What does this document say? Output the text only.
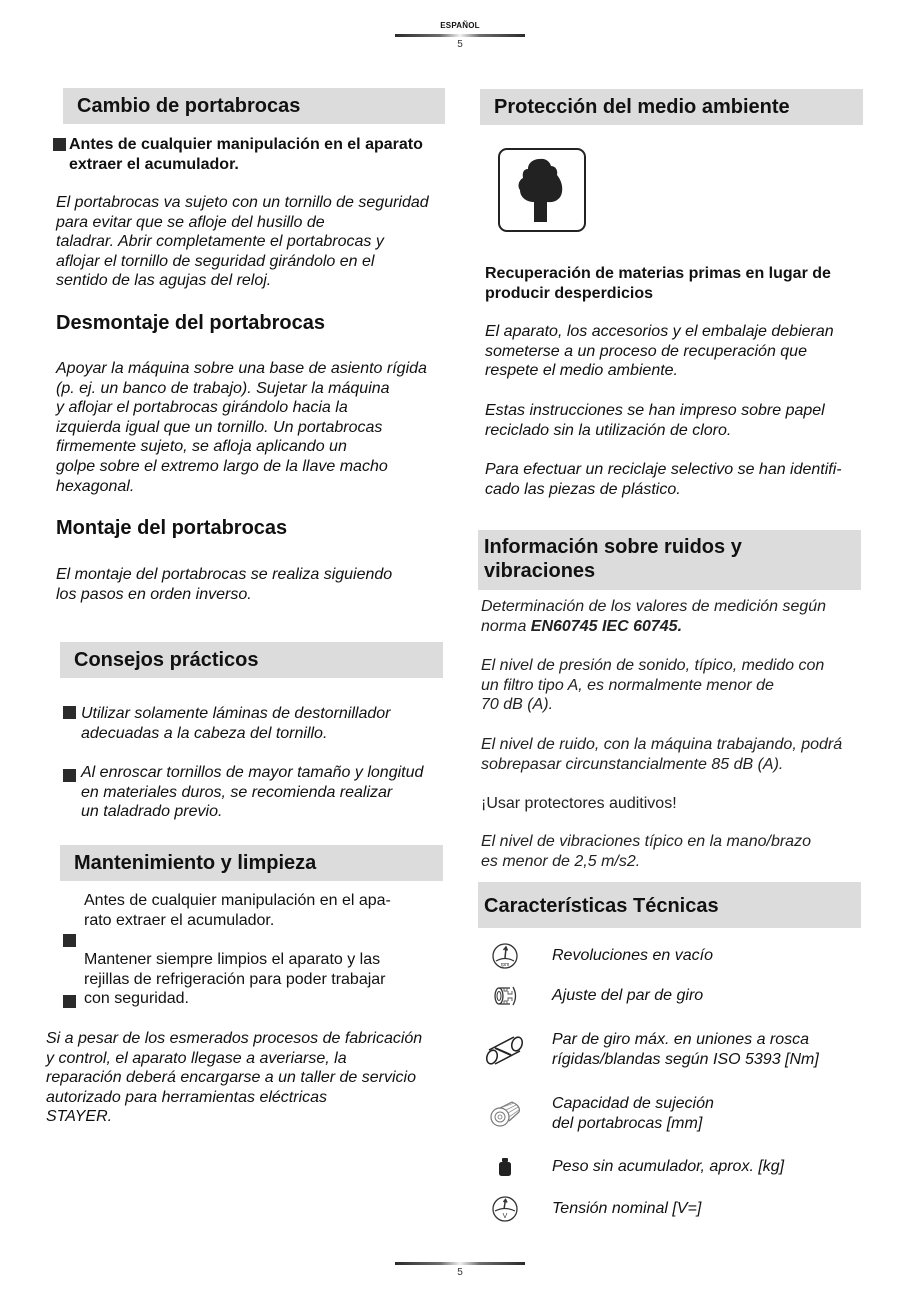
ESPAÑOL
5
Cambio de portabrocas
Antes de cualquier manipulación en el aparato extraer el acumulador.
El portabrocas va sujeto con un tornillo de seguridad
para evitar que se afloje del husillo de
taladrar. Abrir completamente el portabrocas y
aflojar el tornillo de seguridad girándolo en el
sentido de las agujas del reloj.
Desmontaje del portabrocas
Apoyar la máquina sobre una base de asiento rígida
(p. ej. un banco de trabajo). Sujetar la máquina
y aflojar el portabrocas girándolo hacia la
izquierda igual que un tornillo. Un portabrocas
firmemente sujeto, se afloja aplicando un
golpe sobre el extremo largo de la llave macho
hexagonal.
Montaje del portabrocas
El montaje del portabrocas se realiza siguiendo
los pasos en orden inverso.
Consejos prácticos
Utilizar solamente láminas de destornillador
adecuadas a la cabeza del tornillo.
Al enroscar tornillos de mayor tamaño y longitud
en materiales duros, se recomienda realizar
un taladrado previo.
Mantenimiento y limpieza
Antes de cualquier manipulación en el apa-
rato extraer el acumulador.
Mantener siempre limpios el aparato y las
rejillas de refrigeración para poder trabajar
con seguridad.
Si a pesar de los esmerados procesos de fabricación
y control, el aparato llegase a averiarse, la
reparación deberá encargarse a un taller de servicio
autorizado para herramientas eléctricas
STAYER.
Protección del medio ambiente
Recuperación de materias primas en lugar de
producir desperdicios
El aparato, los accesorios y el embalaje debieran
someterse a un proceso de recuperación que
respete el medio ambiente.
Estas instrucciones se han impreso sobre papel
reciclado sin la utilización de cloro.
Para efectuar un reciclaje selectivo se han identifi-
cado las piezas de plástico.
Información sobre ruidos y
vibraciones
Determinación de los valores de medición según
norma EN60745 IEC 60745.
El nivel de presión de sonido, típico, medido con
un filtro tipo A, es normalmente menor de
70 dB (A).
El nivel de ruido, con la máquina trabajando, podrá
sobrepasar circunstancialmente 85 dB (A).
¡Usar protectores auditivos!
El nivel de vibraciones típico en la mano/brazo
es menor de 2,5 m/s2.
Características Técnicas
rpm
Revoluciones en vacío
Ajuste del par de giro
Par de giro máx. en uniones a rosca
rígidas/blandas según ISO 5393 [Nm]
Capacidad de sujeción
del portabrocas [mm]
Peso sin acumulador, aprox. [kg]
V	Tensión nominal [V=]
5
